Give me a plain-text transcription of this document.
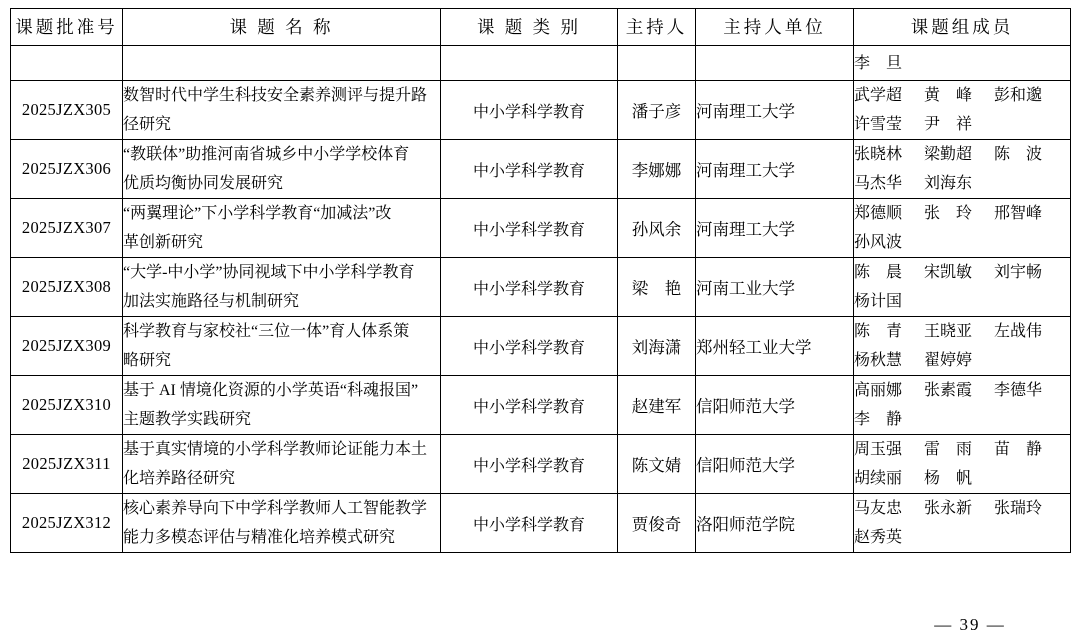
课题批准号	课 题 名 称	课 题 类 别	主持人	主持人单位	课题组成员

					李　旦

2025JZX305	数智时代中学生科技安全素养测评与提升路
径研究	中小学科学教育	潘子彦	河南理工大学	武学超 黄　峰 彭和邈
许雪莹 尹　祥

2025JZX306	“教联体”助推河南省城乡中小学学校体育
优质均衡协同发展研究	中小学科学教育	李娜娜	河南理工大学	张晓林 梁勤超 陈　波
马杰华 刘海东

2025JZX307	“两翼理论”下小学科学教育“加减法”改
革创新研究	中小学科学教育	孙风余	河南理工大学	郑德顺 张　玲 邢智峰
孙风波

2025JZX308	“大学-中小学”协同视域下中小学科学教育
加法实施路径与机制研究	中小学科学教育	梁　艳	河南工业大学	陈　晨 宋凯敏 刘宇畅
杨计国

2025JZX309	科学教育与家校社“三位一体”育人体系策
略研究	中小学科学教育	刘海潇	郑州轻工业大学	陈　青 王晓亚 左战伟
杨秋慧 翟婷婷

2025JZX310	基于 AI 情境化资源的小学英语“科魂报国”
主题教学实践研究	中小学科学教育	赵建军	信阳师范大学	高丽娜 张素霞 李德华
李　静

2025JZX311	基于真实情境的小学科学教师论证能力本土
化培养路径研究	中小学科学教育	陈文婧	信阳师范大学	周玉强 雷　雨 苗　静
胡续丽 杨　帆

2025JZX312	核心素养导向下中学科学教师人工智能教学
能力多模态评估与精准化培养模式研究	中小学科学教育	贾俊奇	洛阳师范学院	马友忠 张永新 张瑞玲
赵秀英
— 39 —
